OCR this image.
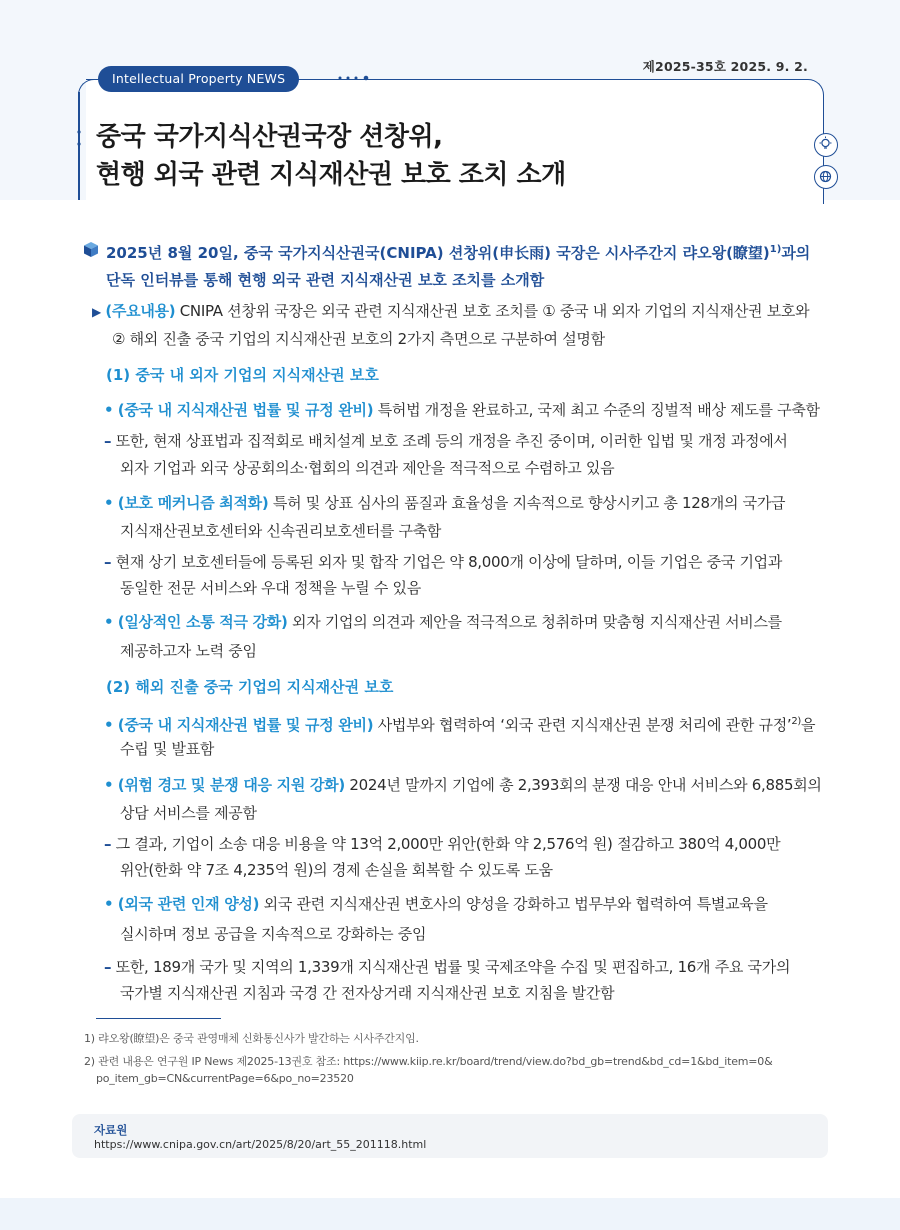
제2025-35호 2025. 9. 2.
Intellectual Property NEWS
중국 국가지식산권국장 션창위,
현행 외국 관련 지식재산권 보호 조치 소개
2025년 8월 20일, 중국 국가지식산권국(CNIPA) 션창위(申长雨) 국장은 시사주간지 랴오왕(瞭望)$^{1)}$과의
단독 인터뷰를 통해 현행 외국 관련 지식재산권 보호 조치를 소개함
▶ (주요내용) CNIPA 션창위 국장은 외국 관련 지식재산권 보호 조치를 ① 중국 내 외자 기업의 지식재산권 보호와
② 해외 진출 중국 기업의 지식재산권 보호의 2가지 측면으로 구분하여 설명함
(1) 중국 내 외자 기업의 지식재산권 보호
• (중국 내 지식재산권 법률 및 규정 완비) 특허법 개정을 완료하고, 국제 최고 수준의 징벌적 배상 제도를 구축함
– 또한, 현재 상표법과 집적회로 배치설계 보호 조례 등의 개정을 추진 중이며, 이러한 입법 및 개정 과정에서
외자 기업과 외국 상공회의소·협회의 의견과 제안을 적극적으로 수렴하고 있음
• (보호 메커니즘 최적화) 특허 및 상표 심사의 품질과 효율성을 지속적으로 향상시키고 총 128개의 국가급
지식재산권보호센터와 신속권리보호센터를 구축함
– 현재 상기 보호센터들에 등록된 외자 및 합작 기업은 약 8,000개 이상에 달하며, 이들 기업은 중국 기업과
동일한 전문 서비스와 우대 정책을 누릴 수 있음
• (일상적인 소통 적극 강화) 외자 기업의 의견과 제안을 적극적으로 청취하며 맞춤형 지식재산권 서비스를
제공하고자 노력 중임
(2) 해외 진출 중국 기업의 지식재산권 보호
• (중국 내 지식재산권 법률 및 규정 완비) 사법부와 협력하여 ‘외국 관련 지식재산권 분쟁 처리에 관한 규정’$^{2)}$을
수립 및 발표함
• (위험 경고 및 분쟁 대응 지원 강화) 2024년 말까지 기업에 총 2,393회의 분쟁 대응 안내 서비스와 6,885회의
상담 서비스를 제공함
– 그 결과, 기업이 소송 대응 비용을 약 13억 2,000만 위안(한화 약 2,576억 원) 절감하고 380억 4,000만
위안(한화 약 7조 4,235억 원)의 경제 손실을 회복할 수 있도록 도움
• (외국 관련 인재 양성) 외국 관련 지식재산권 변호사의 양성을 강화하고 법무부와 협력하여 특별교육을
실시하며 정보 공급을 지속적으로 강화하는 중임
– 또한, 189개 국가 및 지역의 1,339개 지식재산권 법률 및 국제조약을 수집 및 편집하고, 16개 주요 국가의
국가별 지식재산권 지침과 국경 간 전자상거래 지식재산권 보호 지침을 발간함
1) 랴오왕(瞭望)은 중국 관영매체 신화통신사가 발간하는 시사주간지임.
2) 관련 내용은 연구원 IP News 제2025-13권호 참조: https://www.kiip.re.kr/board/trend/view.do?bd_gb=trend&bd_cd=1&bd_item=0&
po_item_gb=CN&currentPage=6&po_no=23520
자료원
https://www.cnipa.gov.cn/art/2025/8/20/art_55_201118.html
